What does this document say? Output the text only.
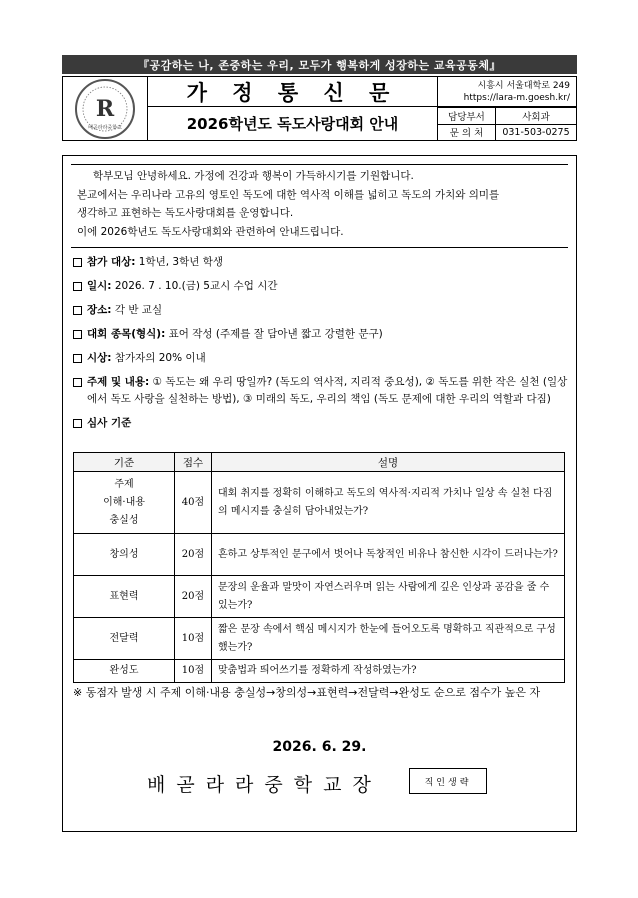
『공감하는 나, 존중하는 우리, 모두가 행복하게 성장하는 교육공동체』
R
배곧라라중학교
가 정 통 신 문
2026학년도 독도사랑대회 안내
시흥시 서울대학로 249
https://lara-m.goesh.kr/
담당부서	사회과
문 의 처	031-503-0275

학부모님 안녕하세요. 가정에 건강과 행복이 가득하시기를 기원합니다.

본교에서는 우리나라 고유의 영토인 독도에 대한 역사적 이해를 넓히고 독도의 가치와 의미를

생각하고 표현하는 독도사랑대회를 운영합니다.

이에 2026학년도 독도사랑대회와 관련하여 안내드립니다.

참가 대상: 1학년, 3학년 학생
일시: 2026. 7 . 10.(금) 5교시 수업 시간
장소: 각 반 교실
대회 종목(형식): 표어 작성 (주제를 잘 담아낸 짧고 강렬한 문구)
시상: 참가자의 20% 이내
주제 및 내용: ① 독도는 왜 우리 땅일까? (독도의 역사적, 지리적 중요성), ② 독도를 위한 작은 실천 (일상에서 독도 사랑을 실천하는 방법), ③ 미래의 독도, 우리의 책임 (독도 문제에 대한 우리의 역할과 다짐)
심사 기준
기준	점수	설명
주제
이해·내용
충실성	40점	대회 취지를 정확히 이해하고 독도의 역사적·지리적 가치나 일상 속 실천 다짐의 메시지를 충실히 담아내었는가?
창의성	20점	흔하고 상투적인 문구에서 벗어나 독창적인 비유나 참신한 시각이 드러나는가?
표현력	20점	문장의 운율과 말맛이 자연스러우며 읽는 사람에게 깊은 인상과 공감을 줄 수 있는가?
전달력	10점	짧은 문장 속에서 핵심 메시지가 한눈에 들어오도록 명확하고 직관적으로 구성했는가?
완성도	10점	맞춤법과 띄어쓰기를 정확하게 작성하였는가?
※ 동점자 발생 시 주제 이해·내용 충실성→창의성→표현력→전달력→완성도 순으로 점수가 높은 자
2026. 6. 29.
배곧라라중학교장	직인생략
